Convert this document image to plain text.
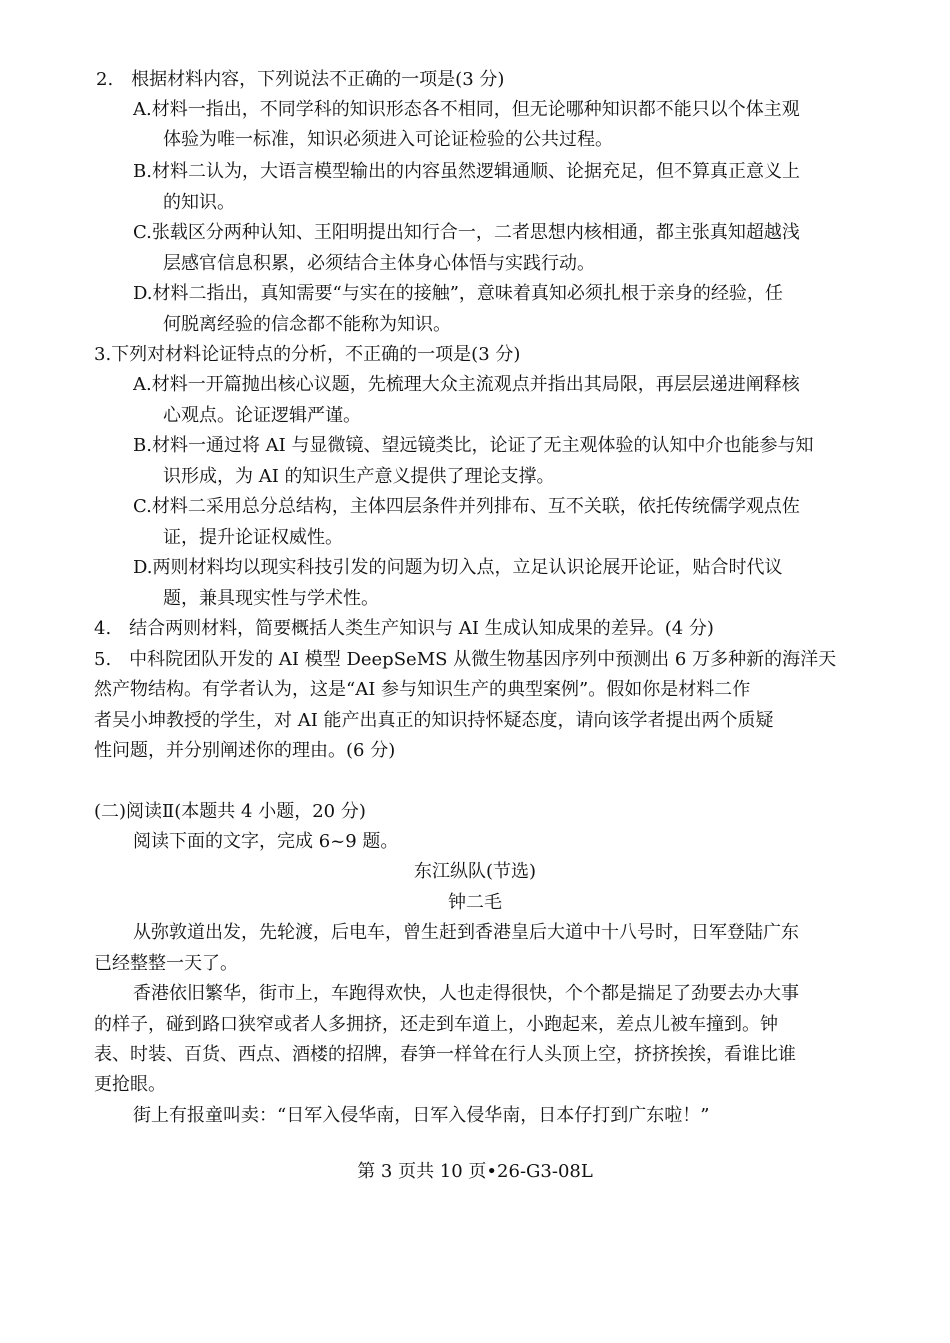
2.　根据材料内容，下列说法不正确的一项是(3 分)
A.材料一指出，不同学科的知识形态各不相同，但无论哪种知识都不能只以个体主观
体验为唯一标准，知识必须进入可论证检验的公共过程。
B.材料二认为，大语言模型输出的内容虽然逻辑通顺、论据充足，但不算真正意义上
的知识。
C.张载区分两种认知、王阳明提出知行合一，二者思想内核相通，都主张真知超越浅
层感官信息积累，必须结合主体身心体悟与实践行动。
D.材料二指出，真知需要“与实在的接触”，意味着真知必须扎根于亲身的经验，任
何脱离经验的信念都不能称为知识。
3.下列对材料论证特点的分析，不正确的一项是(3 分)
A.材料一开篇抛出核心议题，先梳理大众主流观点并指出其局限，再层层递进阐释核
心观点。论证逻辑严谨。
B.材料一通过将 AI 与显微镜、望远镜类比，论证了无主观体验的认知中介也能参与知
识形成，为 AI 的知识生产意义提供了理论支撑。
C.材料二采用总分总结构，主体四层条件并列排布、互不关联，依托传统儒学观点佐
证，提升论证权威性。
D.两则材料均以现实科技引发的问题为切入点，立足认识论展开论证，贴合时代议
题，兼具现实性与学术性。
4.　结合两则材料，简要概括人类生产知识与 AI 生成认知成果的差异。(4 分)
5.　中科院团队开发的 AI 模型 DeepSeMS 从微生物基因序列中预测出 6 万多种新的海洋天
然产物结构。有学者认为，这是“AI 参与知识生产的典型案例”。假如你是材料二作
者吴小坤教授的学生，对 AI 能产出真正的知识持怀疑态度，请向该学者提出两个质疑
性问题，并分别阐述你的理由。(6 分)
(二)阅读Ⅱ(本题共 4 小题，20 分)
阅读下面的文字，完成 6~9 题。
东江纵队(节选)
钟二毛
从弥敦道出发，先轮渡，后电车，曾生赶到香港皇后大道中十八号时，日军登陆广东
已经整整一天了。
香港依旧繁华，街市上，车跑得欢快，人也走得很快，个个都是揣足了劲要去办大事
的样子，碰到路口狭窄或者人多拥挤，还走到车道上，小跑起来，差点儿被车撞到。钟
表、时装、百货、西点、酒楼的招牌，春笋一样耸在行人头顶上空，挤挤挨挨，看谁比谁
更抢眼。
街上有报童叫卖：“日军入侵华南，日军入侵华南，日本仔打到广东啦！”
第 3 页共 10 页•26-G3-08L
